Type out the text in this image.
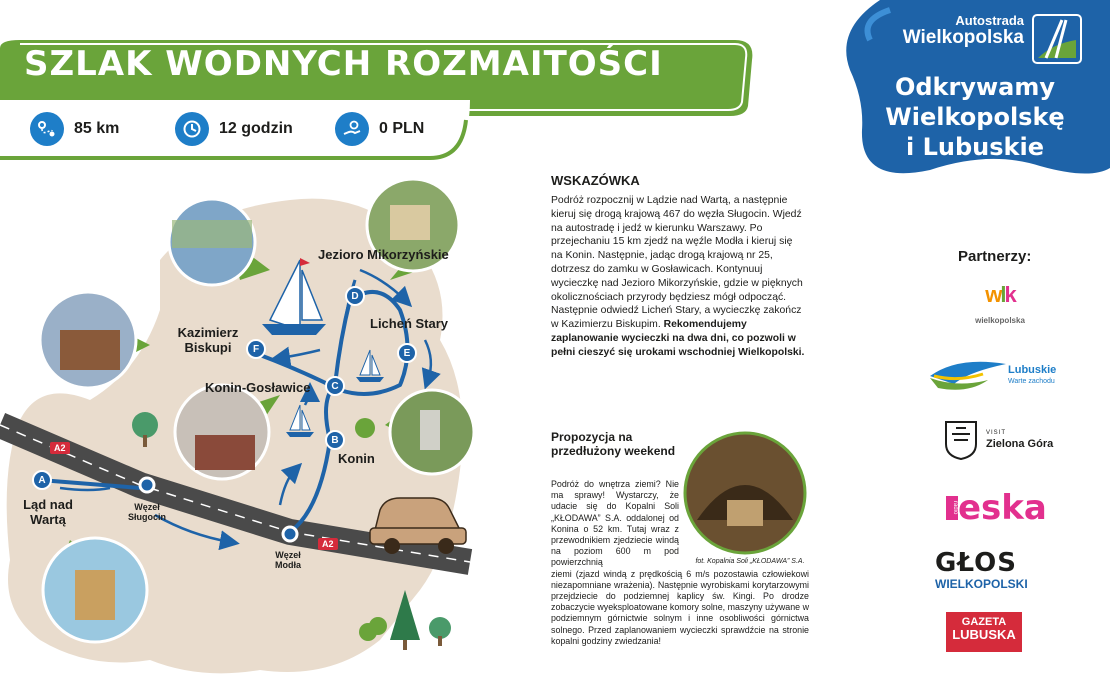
SZLAK WODNYCH ROZMAITOŚCI
85 km	12 godzin	0 PLN
Autostrada
Wielkopolska
Odkrywamy
Wielkopolskę
i Lubuskie
Jezioro Mikorzyńskie
Licheń Stary
Kazimierz Biskupi
Konin-Gosławice
Konin
Ląd nad Wartą
Węzeł Sługocin
Węzeł Modła
A
B
C
D
E
F
A2
A2
WSKAZÓWKA
Podróż rozpocznij w Lądzie nad Wartą, a następnie kieruj się drogą krajową 467 do węzła Sługocin. Wjedź na autostradę i jedź w kierunku Warszawy. Po przejechaniu 15 km zjedź na węźle Modła i kieruj się na Konin. Następnie, jadąc drogą krajową nr 25, dotrzesz do zamku w Gosławicach. Kontynuuj wycieczkę nad Jezioro Mikorzyńskie, gdzie w pięknych okolicznościach przyrody będziesz mógł odpocząć. Następnie odwiedź Licheń Stary, a wycieczkę zakończ w Kazimierzu Biskupim. Rekomendujemy zaplanowanie wycieczki na dwa dni, co pozwoli w pełni cieszyć się urokami wschodniej Wielkopolski.
Propozycja na przedłużony weekend
fot. Kopalnia Soli „KŁODAWA” S.A.
Podróż do wnętrza ziemi? Nie ma sprawy! Wystarczy, że udacie się do Kopalni Soli „KŁODAWA” S.A. oddalonej od Konina o 52 km. Tutaj wraz z przewodnikiem zjedziecie windą na poziom 600 m pod powierzchnią
ziemi (zjazd windą z prędkością 6 m/s pozostawia człowiekowi niezapomniane wrażenia). Następnie wyrobiskami korytarzowymi przejdziecie do podziemnej kaplicy św. Kingi. Po drodze zobaczycie wyeksploatowane komory solne, maszyny używane w podziemnym górnictwie solnym i inne osobliwości górnictwa solnego. Przed zaplanowaniem wycieczki sprawdźcie na stronie kopalni godziny zwiedzania!
Partnerzy:
wlk
wielkopolska
Lubuskie
Warte zachodu
VISIT
Zielona Góra
radio eska
GŁOS
WIELKOPOLSKI
GAZETA
LUBUSKA
